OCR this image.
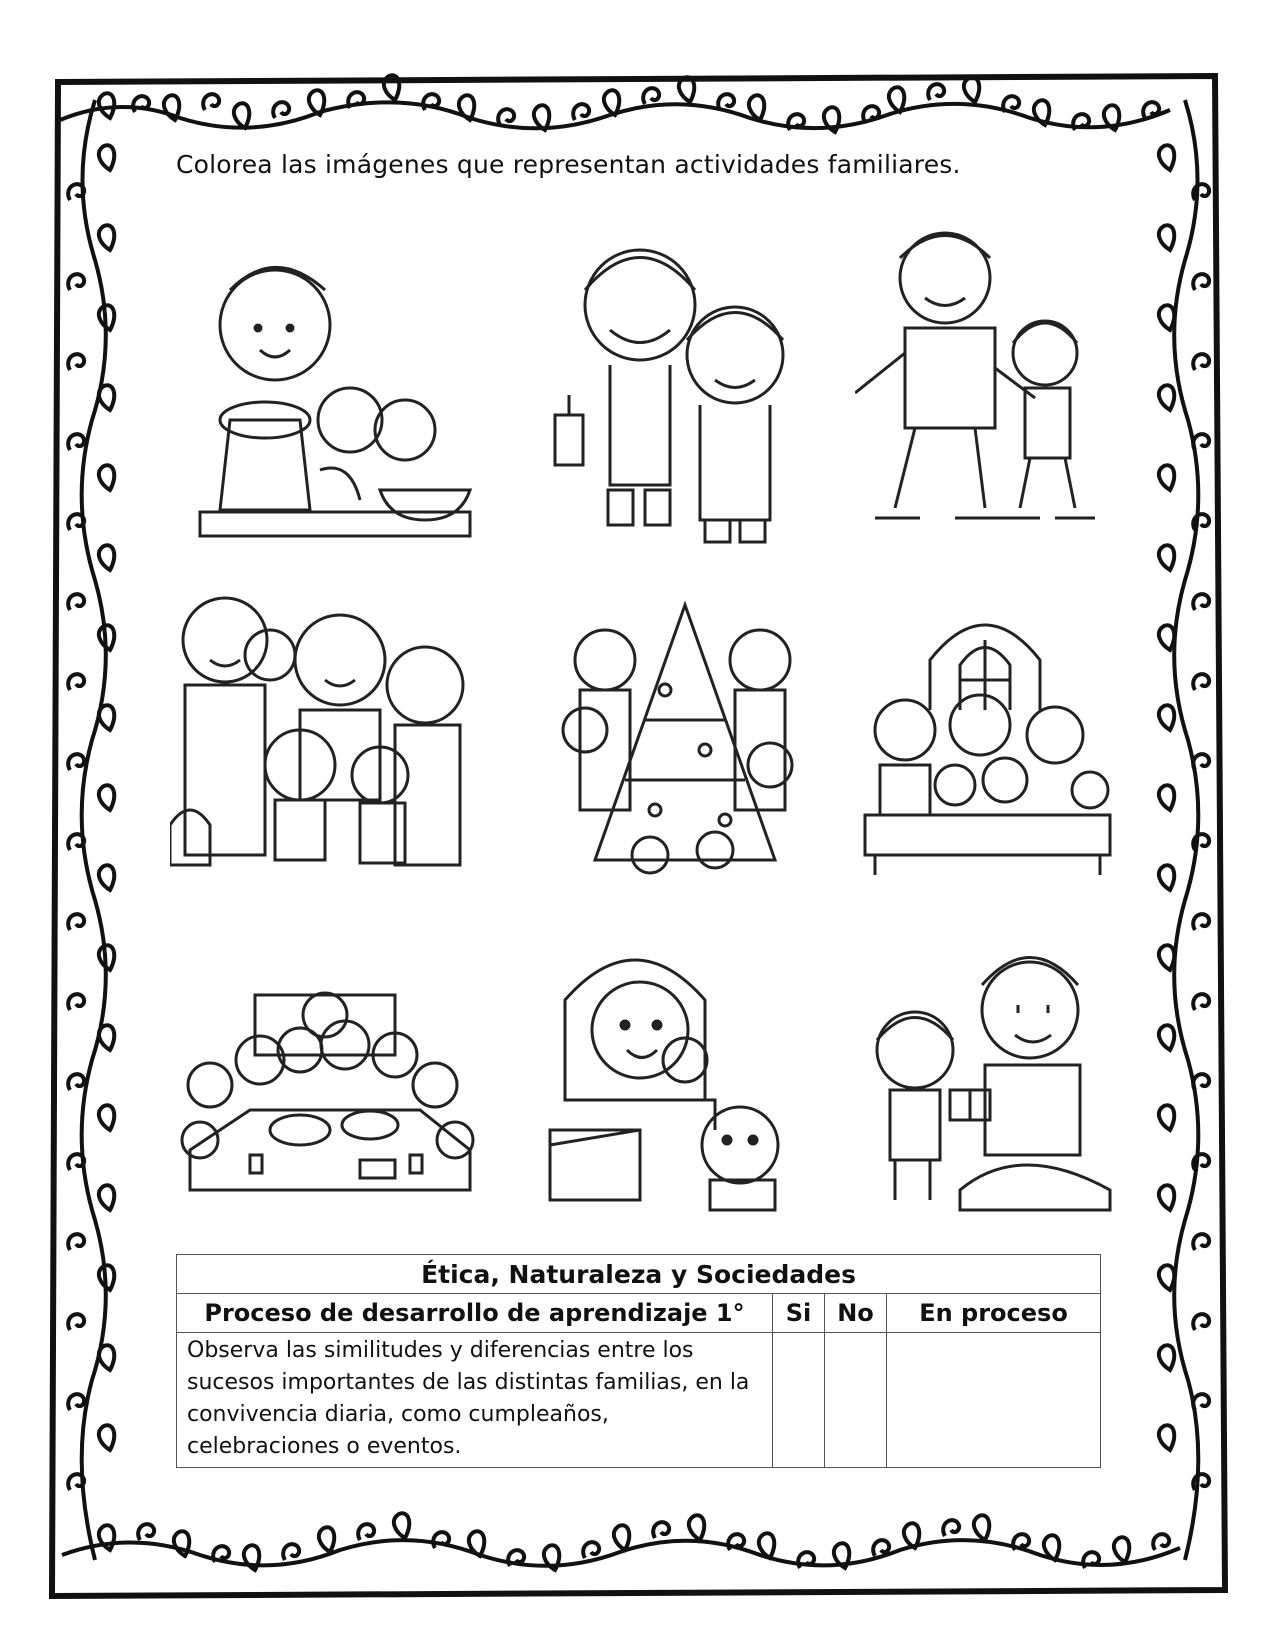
Colorea las imágenes que representan actividades familiares.
Ética, Naturaleza y Sociedades			
Proceso de desarrollo de aprendizaje 1°	Si	No	En proceso
Observa las similitudes y diferencias entre los sucesos importantes de las distintas familias, en la convivencia diaria, como cumpleaños, celebraciones o eventos.			
